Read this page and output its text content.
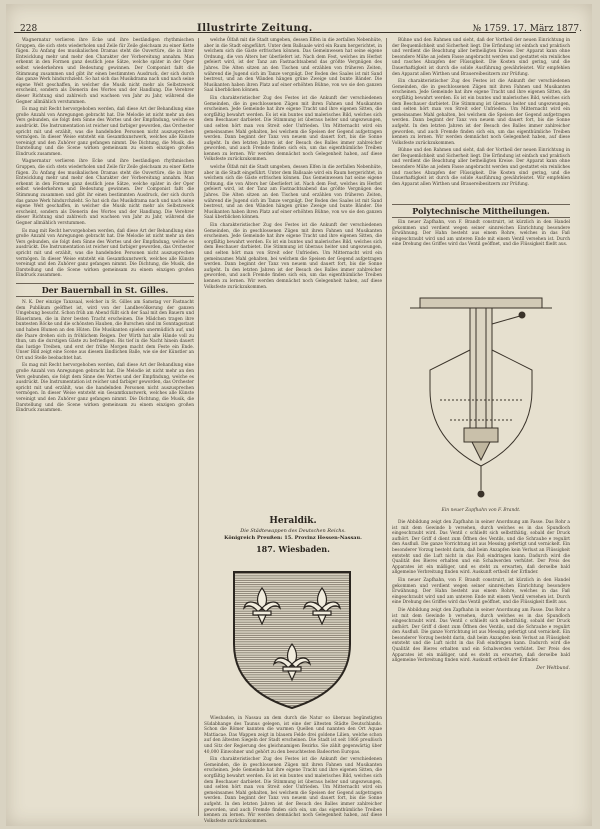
228	Illustrirte Zeitung.	№ 1759. 17. März 1877.

Wagnernatur verlieren ihre Ecke und ihre beständigen rhythmischen Gruppen, die sich stets wiederholen und Zeile für Zeile gleichsam zu einer Kette fügen. Zu Anfang des musikalischen Dramas steht die Ouvertüre, die in ihrer Entwicklung mehr und mehr den Charakter der Vorbereitung annahm. Man erkennt in den Formen ganz deutlich jene Sätze, welche später in der Oper selbst wiederkehren und Bedeutung gewinnen. Der Componist faßt die Stimmung zusammen und gibt ihr einen bestimmten Ausdruck, der sich durch das ganze Werk hindurchzieht. So hat sich das Musikdrama nach und nach seine eigene Welt geschaffen, in welcher die Musik nicht mehr als Selbstzweck erscheint, sondern als Dienerin des Wortes und der Handlung. Die Verehrer dieser Richtung sind zahlreich und wachsen von Jahr zu Jahr, während die Gegner allmählich verstummen.

Es mag mit Recht hervorgehoben werden, daß diese Art der Behandlung eine große Anzahl von Anregungen gebracht hat. Die Melodie ist nicht mehr an den Vers gebunden, sie folgt dem Sinne des Wortes und der Empfindung, welche es ausdrückt. Die Instrumentation ist reicher und farbiger geworden, das Orchester spricht mit und erzählt, was die handelnden Personen nicht auszusprechen vermögen. In dieser Weise entsteht ein Gesamtkunstwerk, welches alle Künste vereinigt und den Zuhörer ganz gefangen nimmt. Die Dichtung, die Musik, die Darstellung und die Scene wirken gemeinsam zu einem einzigen großen Eindruck zusammen.

Wagnernatur verlieren ihre Ecke und ihre beständigen rhythmischen Gruppen, die sich stets wiederholen und Zeile für Zeile gleichsam zu einer Kette fügen. Zu Anfang des musikalischen Dramas steht die Ouvertüre, die in ihrer Entwicklung mehr und mehr den Charakter der Vorbereitung annahm. Man erkennt in den Formen ganz deutlich jene Sätze, welche später in der Oper selbst wiederkehren und Bedeutung gewinnen. Der Componist faßt die Stimmung zusammen und gibt ihr einen bestimmten Ausdruck, der sich durch das ganze Werk hindurchzieht. So hat sich das Musikdrama nach und nach seine eigene Welt geschaffen, in welcher die Musik nicht mehr als Selbstzweck erscheint, sondern als Dienerin des Wortes und der Handlung. Die Verehrer dieser Richtung sind zahlreich und wachsen von Jahr zu Jahr, während die Gegner allmählich verstummen.

Es mag mit Recht hervorgehoben werden, daß diese Art der Behandlung eine große Anzahl von Anregungen gebracht hat. Die Melodie ist nicht mehr an den Vers gebunden, sie folgt dem Sinne des Wortes und der Empfindung, welche es ausdrückt. Die Instrumentation ist reicher und farbiger geworden, das Orchester spricht mit und erzählt, was die handelnden Personen nicht auszusprechen vermögen. In dieser Weise entsteht ein Gesamtkunstwerk, welches alle Künste vereinigt und den Zuhörer ganz gefangen nimmt. Die Dichtung, die Musik, die Darstellung und die Scene wirken gemeinsam zu einem einzigen großen Eindruck zusammen.

Der Bauernball in St. Gilles.

N. K. Der einzige Tanzsaal, welcher in St. Gilles am Samstag vor Fastnacht dem Publikum geöffnet ist, wird von der Landbevölkerung der ganzen Umgebung besucht. Schon früh am Abend füllt sich der Saal mit den Bauern und Bäuerinnen, die in ihrer besten Tracht erscheinen. Die Mädchen tragen ihre buntesten Röcke und die schönsten Hauben, die Burschen sind im Sonntagsstaat und haben Blumen an den Hüten. Die Musikanten spielen unermüdlich auf, und die Paare drehen sich in fröhlichem Reigen. Der Wirth hat alle Hände voll zu thun, um die durstigen Gäste zu befriedigen. Bis tief in die Nacht hinein dauert das lustige Treiben, und erst der frühe Morgen macht dem Feste ein Ende. Unser Bild zeigt eine Scene aus diesem ländlichen Balle, wie sie der Künstler an Ort und Stelle beobachtet hat.

Es mag mit Recht hervorgehoben werden, daß diese Art der Behandlung eine große Anzahl von Anregungen gebracht hat. Die Melodie ist nicht mehr an den Vers gebunden, sie folgt dem Sinne des Wortes und der Empfindung, welche es ausdrückt. Die Instrumentation ist reicher und farbiger geworden, das Orchester spricht mit und erzählt, was die handelnden Personen nicht auszusprechen vermögen. In dieser Weise entsteht ein Gesamtkunstwerk, welches alle Künste vereinigt und den Zuhörer ganz gefangen nimmt. Die Dichtung, die Musik, die Darstellung und die Scene wirken gemeinsam zu einem einzigen großen Eindruck zusammen.

welche Ölfaß mit die Stadt umgeben, dessen Elfen in die zerfallen Nebenhüte, aber in die Stadt eingeführt. Unter dem Ballsaale wird ein Raum hergerichtet, in welchem sich die Gäste erfrischen können. Das Gemeinwesen hat seine eigene Ordnung, die von Alters her überliefert ist. Nach dem Fest, welches im Herbst gefeiert wird, ist der Tanz am Fastnachtsabend das größte Vergnügen des Jahres. Die Alten sitzen an den Tischen und erzählen von früheren Zeiten, während die Jugend sich im Tanze vergnügt. Der Boden des Saales ist mit Sand bestreut, und an den Wänden hängen grüne Zweige und bunte Bänder. Die Musikanten haben ihren Platz auf einer erhöhten Bühne, von wo sie den ganzen Saal überblicken können.

Ein charakteristischer Zug des Festes ist die Ankunft der verschiedenen Gemeinden, die in geschlossenen Zügen mit ihren Fahnen und Musikanten erscheinen. Jede Gemeinde hat ihre eigene Tracht und ihre eigenen Sitten, die sorgfältig bewahrt werden. Es ist ein buntes und malerisches Bild, welches sich dem Beschauer darbietet. Die Stimmung ist überaus heiter und ungezwungen, und selten hört man von Streit oder Unfrieden. Um Mitternacht wird ein gemeinsames Mahl gehalten, bei welchem die Speisen der Gegend aufgetragen werden. Dann beginnt der Tanz von neuem und dauert fort, bis die Sonne aufgeht. In den letzten Jahren ist der Besuch des Balles immer zahlreicher geworden, und auch Fremde finden sich ein, um das eigenthümliche Treiben kennen zu lernen. Wir werden demnächst noch Gelegenheit haben, auf diese Volksfeste zurückzukommen.

welche Ölfaß mit die Stadt umgeben, dessen Elfen in die zerfallen Nebenhüte, aber in die Stadt eingeführt. Unter dem Ballsaale wird ein Raum hergerichtet, in welchem sich die Gäste erfrischen können. Das Gemeinwesen hat seine eigene Ordnung, die von Alters her überliefert ist. Nach dem Fest, welches im Herbst gefeiert wird, ist der Tanz am Fastnachtsabend das größte Vergnügen des Jahres. Die Alten sitzen an den Tischen und erzählen von früheren Zeiten, während die Jugend sich im Tanze vergnügt. Der Boden des Saales ist mit Sand bestreut, und an den Wänden hängen grüne Zweige und bunte Bänder. Die Musikanten haben ihren Platz auf einer erhöhten Bühne, von wo sie den ganzen Saal überblicken können.

Ein charakteristischer Zug des Festes ist die Ankunft der verschiedenen Gemeinden, die in geschlossenen Zügen mit ihren Fahnen und Musikanten erscheinen. Jede Gemeinde hat ihre eigene Tracht und ihre eigenen Sitten, die sorgfältig bewahrt werden. Es ist ein buntes und malerisches Bild, welches sich dem Beschauer darbietet. Die Stimmung ist überaus heiter und ungezwungen, und selten hört man von Streit oder Unfrieden. Um Mitternacht wird ein gemeinsames Mahl gehalten, bei welchem die Speisen der Gegend aufgetragen werden. Dann beginnt der Tanz von neuem und dauert fort, bis die Sonne aufgeht. In den letzten Jahren ist der Besuch des Balles immer zahlreicher geworden, und auch Fremde finden sich ein, um das eigenthümliche Treiben kennen zu lernen. Wir werden demnächst noch Gelegenheit haben, auf diese Volksfeste zurückzukommen.

Heraldik.
Die Städtewappen des Deutschen Reichs.
Königreich Preußen: 15. Provinz Hessen-Nassau.
187. Wiesbaden.

Wiesbaden, in Nassau an dem durch die Natur so überaus begünstigten Südabhange des Taunus gelegen, ist eine der ältesten Städte Deutschlands. Schon die Römer kannten die warmen Quellen und nannten den Ort Aquae Mattiacae. Das Wappen zeigt in blauem Felde drei goldene Lilien, welche schon auf den ältesten Siegeln der Stadt erscheinen. Die Stadt ist seit 1866 preußisch und Sitz der Regierung des gleichnamigen Bezirks. Sie zählt gegenwärtig über 40,000 Einwohner und gehört zu den besuchtesten Badeorten Europas.

Ein charakteristischer Zug des Festes ist die Ankunft der verschiedenen Gemeinden, die in geschlossenen Zügen mit ihren Fahnen und Musikanten erscheinen. Jede Gemeinde hat ihre eigene Tracht und ihre eigenen Sitten, die sorgfältig bewahrt werden. Es ist ein buntes und malerisches Bild, welches sich dem Beschauer darbietet. Die Stimmung ist überaus heiter und ungezwungen, und selten hört man von Streit oder Unfrieden. Um Mitternacht wird ein gemeinsames Mahl gehalten, bei welchem die Speisen der Gegend aufgetragen werden. Dann beginnt der Tanz von neuem und dauert fort, bis die Sonne aufgeht. In den letzten Jahren ist der Besuch des Balles immer zahlreicher geworden, und auch Fremde finden sich ein, um das eigenthümliche Treiben kennen zu lernen. Wir werden demnächst noch Gelegenheit haben, auf diese Volksfeste zurückzukommen.

Bühne und den Rahmen und sieht, daß der Vortheil der neuen Einrichtung in der Bequemlichkeit und Sicherheit liegt. Die Erfindung ist einfach und praktisch und verdient die Beachtung aller betheiligten Kreise. Der Apparat kann ohne besondere Mühe an jedem Fasse angebracht werden und gestattet ein reinliches und rasches Abzapfen der Flüssigkeit. Die Kosten sind gering, und die Dauerhaftigkeit ist durch die solide Ausführung gewährleistet. Wir empfehlen den Apparat allen Wirthen und Brauereibesitzern zur Prüfung.

Ein charakteristischer Zug des Festes ist die Ankunft der verschiedenen Gemeinden, die in geschlossenen Zügen mit ihren Fahnen und Musikanten erscheinen. Jede Gemeinde hat ihre eigene Tracht und ihre eigenen Sitten, die sorgfältig bewahrt werden. Es ist ein buntes und malerisches Bild, welches sich dem Beschauer darbietet. Die Stimmung ist überaus heiter und ungezwungen, und selten hört man von Streit oder Unfrieden. Um Mitternacht wird ein gemeinsames Mahl gehalten, bei welchem die Speisen der Gegend aufgetragen werden. Dann beginnt der Tanz von neuem und dauert fort, bis die Sonne aufgeht. In den letzten Jahren ist der Besuch des Balles immer zahlreicher geworden, und auch Fremde finden sich ein, um das eigenthümliche Treiben kennen zu lernen. Wir werden demnächst noch Gelegenheit haben, auf diese Volksfeste zurückzukommen.

Bühne und den Rahmen und sieht, daß der Vortheil der neuen Einrichtung in der Bequemlichkeit und Sicherheit liegt. Die Erfindung ist einfach und praktisch und verdient die Beachtung aller betheiligten Kreise. Der Apparat kann ohne besondere Mühe an jedem Fasse angebracht werden und gestattet ein reinliches und rasches Abzapfen der Flüssigkeit. Die Kosten sind gering, und die Dauerhaftigkeit ist durch die solide Ausführung gewährleistet. Wir empfehlen den Apparat allen Wirthen und Brauereibesitzern zur Prüfung.

Polytechnische Mittheilungen.

Ein neuer Zapfhahn, von F. Brandt construirt, ist kürzlich in den Handel gekommen und verdient wegen seiner sinnreichen Einrichtung besondere Erwähnung. Der Hahn besteht aus einem Rohre, welches in das Faß eingeschraubt wird und am unteren Ende mit einem Ventil versehen ist. Durch eine Drehung des Griffes wird das Ventil geöffnet, und die Flüssigkeit fließt aus.

Ein neuer Zapfhahn von F. Brandt.

Die Abbildung zeigt den Zapfhahn in seiner Anordnung am Fasse. Das Rohr a ist mit dem Gewinde b versehen, durch welches es in das Spundloch eingeschraubt wird. Das Ventil c schließt sich selbstthätig, sobald der Druck aufhört. Der Griff d dient zum Öffnen des Ventils, und die Schraube e regulirt den Ausfluß. Die ganze Vorrichtung ist aus Messing gefertigt und vernickelt. Ein besonderer Vorzug besteht darin, daß beim Anzapfen kein Verlust an Flüssigkeit entsteht und die Luft nicht in das Faß eindringen kann. Dadurch wird die Qualität des Bieres erhalten und ein Schalwerden verhütet. Der Preis des Apparates ist ein mäßiger, und es steht zu erwarten, daß derselbe bald allgemeine Verbreitung finden wird. Auskunft ertheilt der Erfinder.

Ein neuer Zapfhahn, von F. Brandt construirt, ist kürzlich in den Handel gekommen und verdient wegen seiner sinnreichen Einrichtung besondere Erwähnung. Der Hahn besteht aus einem Rohre, welches in das Faß eingeschraubt wird und am unteren Ende mit einem Ventil versehen ist. Durch eine Drehung des Griffes wird das Ventil geöffnet, und die Flüssigkeit fließt aus.

Die Abbildung zeigt den Zapfhahn in seiner Anordnung am Fasse. Das Rohr a ist mit dem Gewinde b versehen, durch welches es in das Spundloch eingeschraubt wird. Das Ventil c schließt sich selbstthätig, sobald der Druck aufhört. Der Griff d dient zum Öffnen des Ventils, und die Schraube e regulirt den Ausfluß. Die ganze Vorrichtung ist aus Messing gefertigt und vernickelt. Ein besonderer Vorzug besteht darin, daß beim Anzapfen kein Verlust an Flüssigkeit entsteht und die Luft nicht in das Faß eindringen kann. Dadurch wird die Qualität des Bieres erhalten und ein Schalwerden verhütet. Der Preis des Apparates ist ein mäßiger, und es steht zu erwarten, daß derselbe bald allgemeine Verbreitung finden wird. Auskunft ertheilt der Erfinder.

Der Weltbund.
